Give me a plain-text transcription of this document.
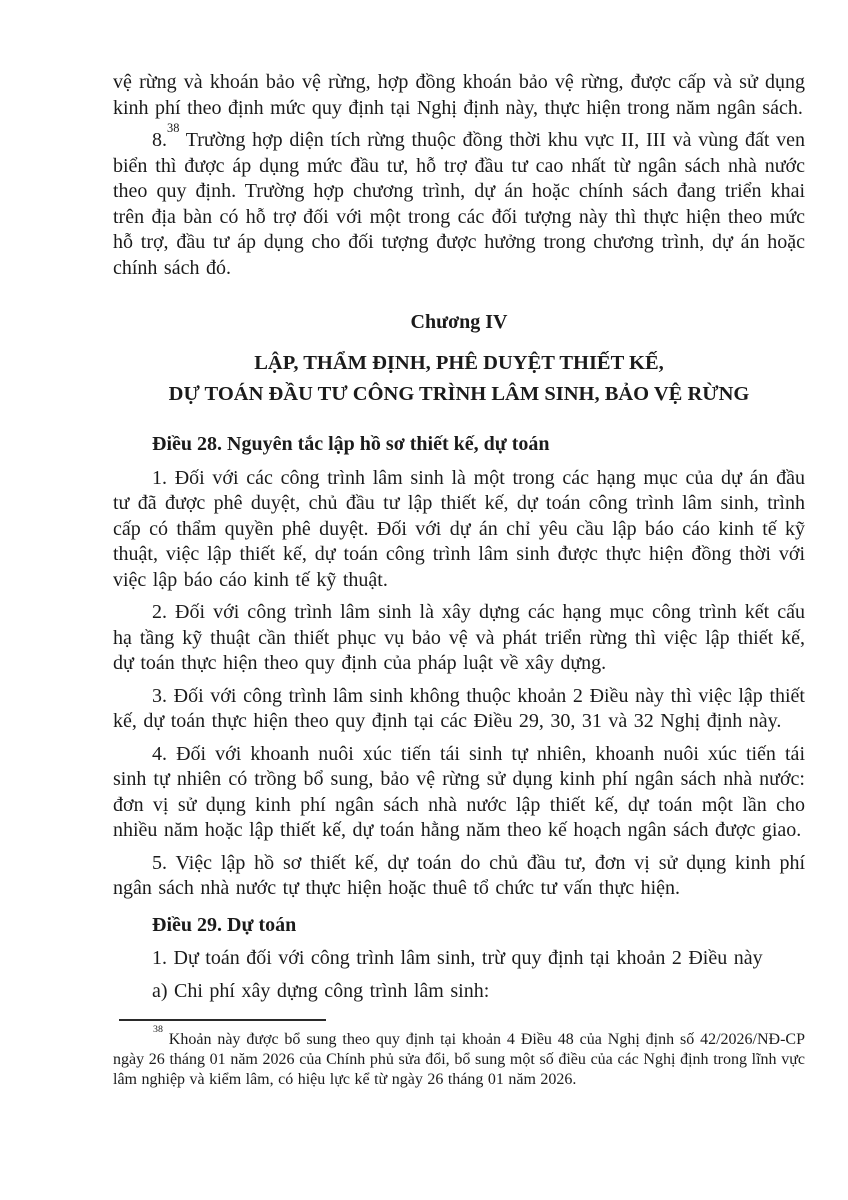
vệ rừng và khoán bảo vệ rừng, hợp đồng khoán bảo vệ rừng, được cấp và sử dụng kinh phí theo định mức quy định tại Nghị định này, thực hiện trong năm ngân sách.

8.38 Trường hợp diện tích rừng thuộc đồng thời khu vực II, III và vùng đất ven biển thì được áp dụng mức đầu tư, hỗ trợ đầu tư cao nhất từ ngân sách nhà nước theo quy định. Trường hợp chương trình, dự án hoặc chính sách đang triển khai trên địa bàn có hỗ trợ đối với một trong các đối tượng này thì thực hiện theo mức hỗ trợ, đầu tư áp dụng cho đối tượng được hưởng trong chương trình, dự án hoặc chính sách đó.

Chương IV

LẬP, THẨM ĐỊNH, PHÊ DUYỆT THIẾT KẾ,

DỰ TOÁN ĐẦU TƯ CÔNG TRÌNH LÂM SINH, BẢO VỆ RỪNG

Điều 28. Nguyên tắc lập hồ sơ thiết kế, dự toán

1. Đối với các công trình lâm sinh là một trong các hạng mục của dự án đầu tư đã được phê duyệt, chủ đầu tư lập thiết kế, dự toán công trình lâm sinh, trình cấp có thẩm quyền phê duyệt. Đối với dự án chỉ yêu cầu lập báo cáo kinh tế kỹ thuật, việc lập thiết kế, dự toán công trình lâm sinh được thực hiện đồng thời với việc lập báo cáo kinh tế kỹ thuật.

2. Đối với công trình lâm sinh là xây dựng các hạng mục công trình kết cấu hạ tầng kỹ thuật cần thiết phục vụ bảo vệ và phát triển rừng thì việc lập thiết kế, dự toán thực hiện theo quy định của pháp luật về xây dựng.

3. Đối với công trình lâm sinh không thuộc khoản 2 Điều này thì việc lập thiết kế, dự toán thực hiện theo quy định tại các Điều 29, 30, 31 và 32 Nghị định này.

4. Đối với khoanh nuôi xúc tiến tái sinh tự nhiên, khoanh nuôi xúc tiến tái sinh tự nhiên có trồng bổ sung, bảo vệ rừng sử dụng kinh phí ngân sách nhà nước: đơn vị sử dụng kinh phí ngân sách nhà nước lập thiết kế, dự toán một lần cho nhiều năm hoặc lập thiết kế, dự toán hằng năm theo kế hoạch ngân sách được giao.

5. Việc lập hồ sơ thiết kế, dự toán do chủ đầu tư, đơn vị sử dụng kinh phí ngân sách nhà nước tự thực hiện hoặc thuê tổ chức tư vấn thực hiện.

Điều 29. Dự toán

1. Dự toán đối với công trình lâm sinh, trừ quy định tại khoản 2 Điều này

a) Chi phí xây dựng công trình lâm sinh:

$^{38}$ Khoản này được bổ sung theo quy định tại khoản 4 Điều 48 của Nghị định số 42/2026/NĐ-CP ngày 26 tháng 01 năm 2026 của Chính phủ sửa đổi, bổ sung một số điều của các Nghị định trong lĩnh vực lâm nghiệp và kiểm lâm, có hiệu lực kể từ ngày 26 tháng 01 năm 2026.
